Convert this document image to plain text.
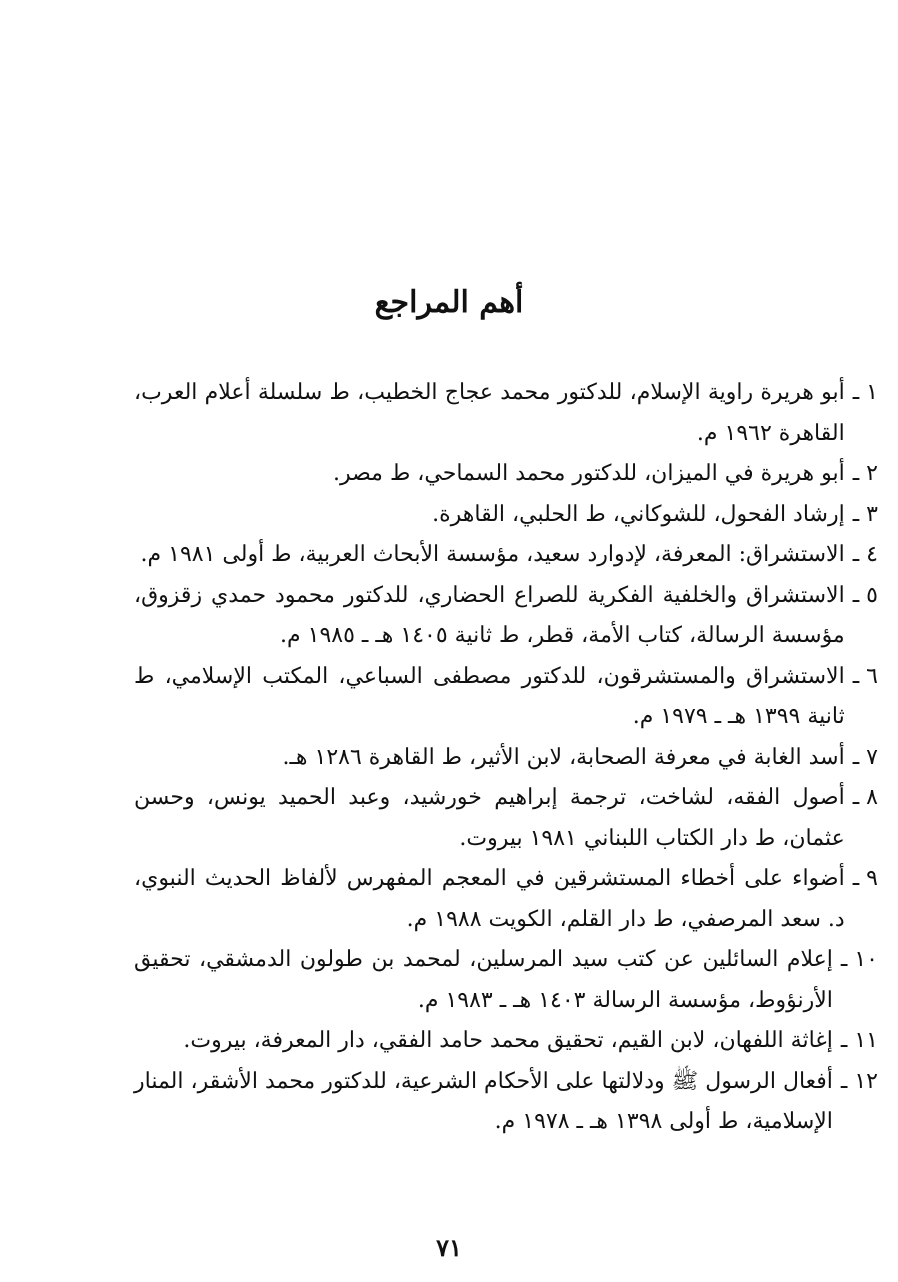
أهم المراجع
١ ـ
أبو هريرة راوية الإسلام، للدكتور محمد عجاج الخطيب، ط سلسلة أعلام العرب، القاهرة ١٩٦٢ م.
٢ ـ
أبو هريرة في الميزان، للدكتور محمد السماحي، ط مصر.
٣ ـ
إرشاد الفحول، للشوكاني، ط الحلبي، القاهرة.
٤ ـ
الاستشراق: المعرفة، لإدوارد سعيد، مؤسسة الأبحاث العربية، ط أولى ١٩٨١ م.
٥ ـ
الاستشراق والخلفية الفكرية للصراع الحضاري، للدكتور محمود حمدي زقزوق، مؤسسة الرسالة، كتاب الأمة، قطر، ط ثانية ١٤٠٥ هـ ـ ١٩٨٥ م.
٦ ـ
الاستشراق والمستشرقون، للدكتور مصطفى السباعي، المكتب الإسلامي، ط ثانية ١٣٩٩ هـ ـ ١٩٧٩ م.
٧ ـ
أسد الغابة في معرفة الصحابة، لابن الأثير، ط القاهرة ١٢٨٦ هـ.
٨ ـ
أصول الفقه، لشاخت، ترجمة إبراهيم خورشيد، وعبد الحميد يونس، وحسن عثمان، ط دار الكتاب اللبناني ١٩٨١ بيروت.
٩ ـ
أضواء على أخطاء المستشرقين في المعجم المفهرس لألفاظ الحديث النبوي، د. سعد المرصفي، ط دار القلم، الكويت ١٩٨٨ م.
١٠ ـ
إعلام السائلين عن كتب سيد المرسلين، لمحمد بن طولون الدمشقي، تحقيق الأرنؤوط، مؤسسة الرسالة ١٤٠٣ هـ ـ ١٩٨٣ م.
١١ ـ
إغاثة اللفهان، لابن القيم، تحقيق محمد حامد الفقي، دار المعرفة، بيروت.
١٢ ـ
أفعال الرسول ﷺ ودلالتها على الأحكام الشرعية، للدكتور محمد الأشقر، المنار الإسلامية، ط أولى ١٣٩٨ هـ ـ ١٩٧٨ م.
٧١
